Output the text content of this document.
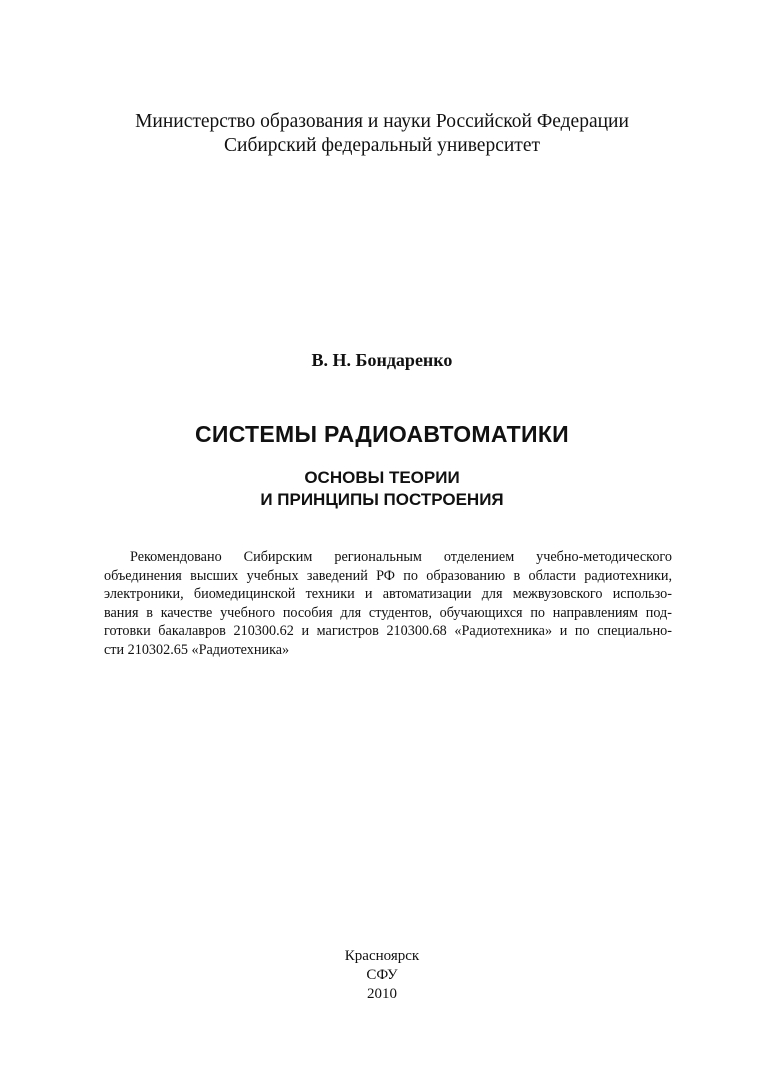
Министерство образования и науки Российской Федерации
Сибирский федеральный университет
В. Н. Бондаренко
СИСТЕМЫ РАДИОАВТОМАТИКИ
ОСНОВЫ ТЕОРИИ
И ПРИНЦИПЫ ПОСТРОЕНИЯ
Рекомендовано Сибирским региональным отделением учебно-методического
объединения высших учебных заведений РФ по образованию в области радиотехники,
электроники, биомедицинской техники и автоматизации для межвузовского использо-
вания в качестве учебного пособия для студентов, обучающихся по направлениям под-
готовки бакалавров 210300.62 и магистров 210300.68 «Радиотехника» и по специально-
сти 210302.65 «Радиотехника»
Красноярск
СФУ
2010
